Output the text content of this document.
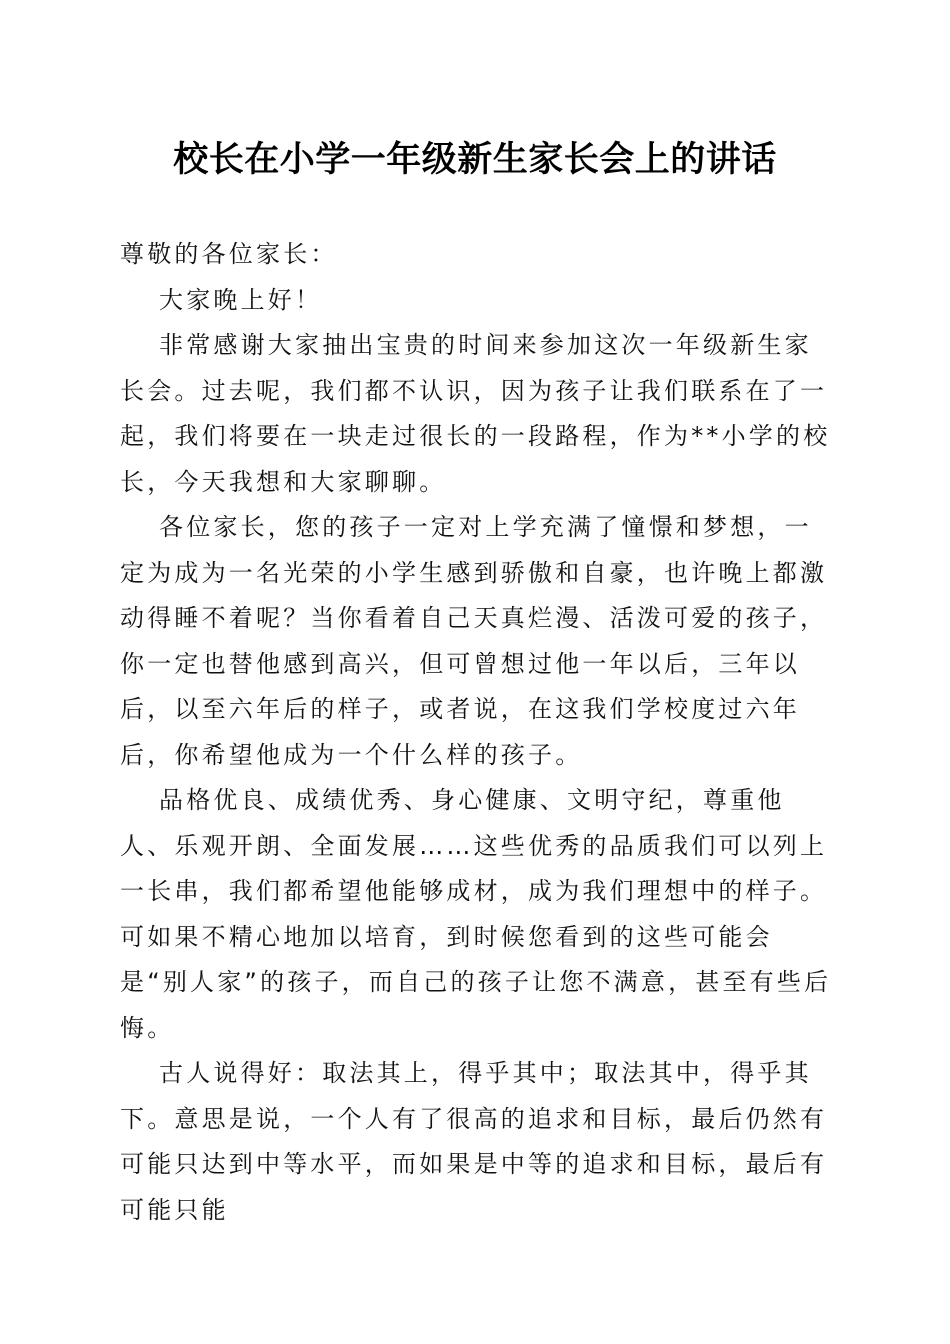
校长在小学一年级新生家长会上的讲话

尊敬的各位家长：

大家晚上好！

非常感谢大家抽出宝贵的时间来参加这次一年级新生家长会。过去呢，我们都不认识，因为孩子让我们联系在了一起，我们将要在一块走过很长的一段路程，作为**小学的校长，今天我想和大家聊聊。

各位家长，您的孩子一定对上学充满了憧憬和梦想，一定为成为一名光荣的小学生感到骄傲和自豪，也许晚上都激动得睡不着呢？当你看着自己天真烂漫、活泼可爱的孩子，你一定也替他感到高兴，但可曾想过他一年以后，三年以后，以至六年后的样子，或者说，在这我们学校度过六年后，你希望他成为一个什么样的孩子。

品格优良、成绩优秀、身心健康、文明守纪，尊重他人、乐观开朗、全面发展……这些优秀的品质我们可以列上一长串，我们都希望他能够成材，成为我们理想中的样子。可如果不精心地加以培育，到时候您看到的这些可能会是“别人家”的孩子，而自己的孩子让您不满意，甚至有些后悔。

古人说得好：取法其上，得乎其中；取法其中，得乎其下。意思是说，一个人有了很高的追求和目标，最后仍然有可能只达到中等水平，而如果是中等的追求和目标，最后有可能只能
